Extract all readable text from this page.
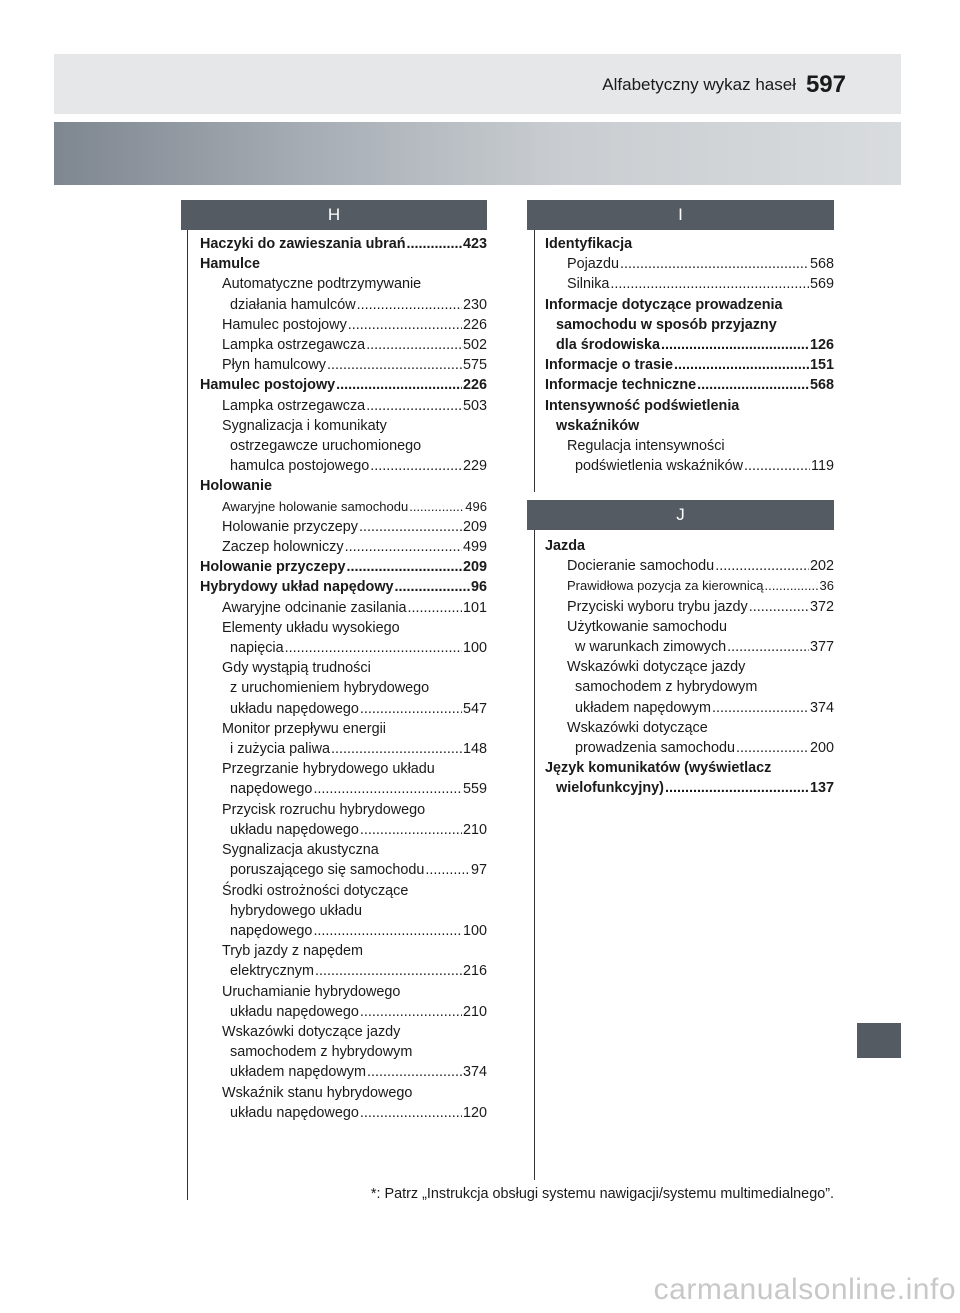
Alfabetyczny wykaz haseł 597
H	I
J
Haczyki do zawieszania ubrań .....	423
Hamulce
Automatyczne podtrzymywanie
działania hamulców .....	230
Hamulec postojowy .....	226
Lampka ostrzegawcza .....	502
Płyn hamulcowy .....	575
Hamulec postojowy .....	226
Lampka ostrzegawcza .....	503
Sygnalizacja i komunikaty
ostrzegawcze uruchomionego
hamulca postojowego .....	229
Holowanie
Awaryjne holowanie samochodu .....	496
Holowanie przyczepy .....	209
Zaczep holowniczy .....	499
Holowanie przyczepy .....	209
Hybrydowy układ napędowy .....	96
Awaryjne odcinanie zasilania .....	101
Elementy układu wysokiego
napięcia .....	100
Gdy wystąpią trudności
z uruchomieniem hybrydowego
układu napędowego .....	547
Monitor przepływu energii
i zużycia paliwa .....	148
Przegrzanie hybrydowego układu
napędowego .....	559
Przycisk rozruchu hybrydowego
układu napędowego .....	210
Sygnalizacja akustyczna
poruszającego się samochodu .....	97
Środki ostrożności dotyczące
hybrydowego układu
napędowego .....	100
Tryb jazdy z napędem
elektrycznym .....	216
Uruchamianie hybrydowego
układu napędowego .....	210
Wskazówki dotyczące jazdy
samochodem z hybrydowym
układem napędowym .....	374
Wskaźnik stanu hybrydowego
układu napędowego .....	120
Identyfikacja
Pojazdu .....	568
Silnika .....	569
Informacje dotyczące prowadzenia
samochodu w sposób przyjazny
dla środowiska .....	126
Informacje o trasie .....	151
Informacje techniczne .....	568
Intensywność podświetlenia
wskaźników
Regulacja intensywności
podświetlenia wskaźników .....	119
Jazda
Docieranie samochodu .....	202
Prawidłowa pozycja za kierownicą .....	36
Przyciski wyboru trybu jazdy .....	372
Użytkowanie samochodu
w warunkach zimowych .....	377
Wskazówki dotyczące jazdy
samochodem z hybrydowym
układem napędowym .....	374
Wskazówki dotyczące
prowadzenia samochodu .....	200
Język komunikatów (wyświetlacz
wielofunkcyjny) .....	137
*: Patrz „Instrukcja obsługi systemu nawigacji/systemu multimedialnego”.
carmanualsonline.info
